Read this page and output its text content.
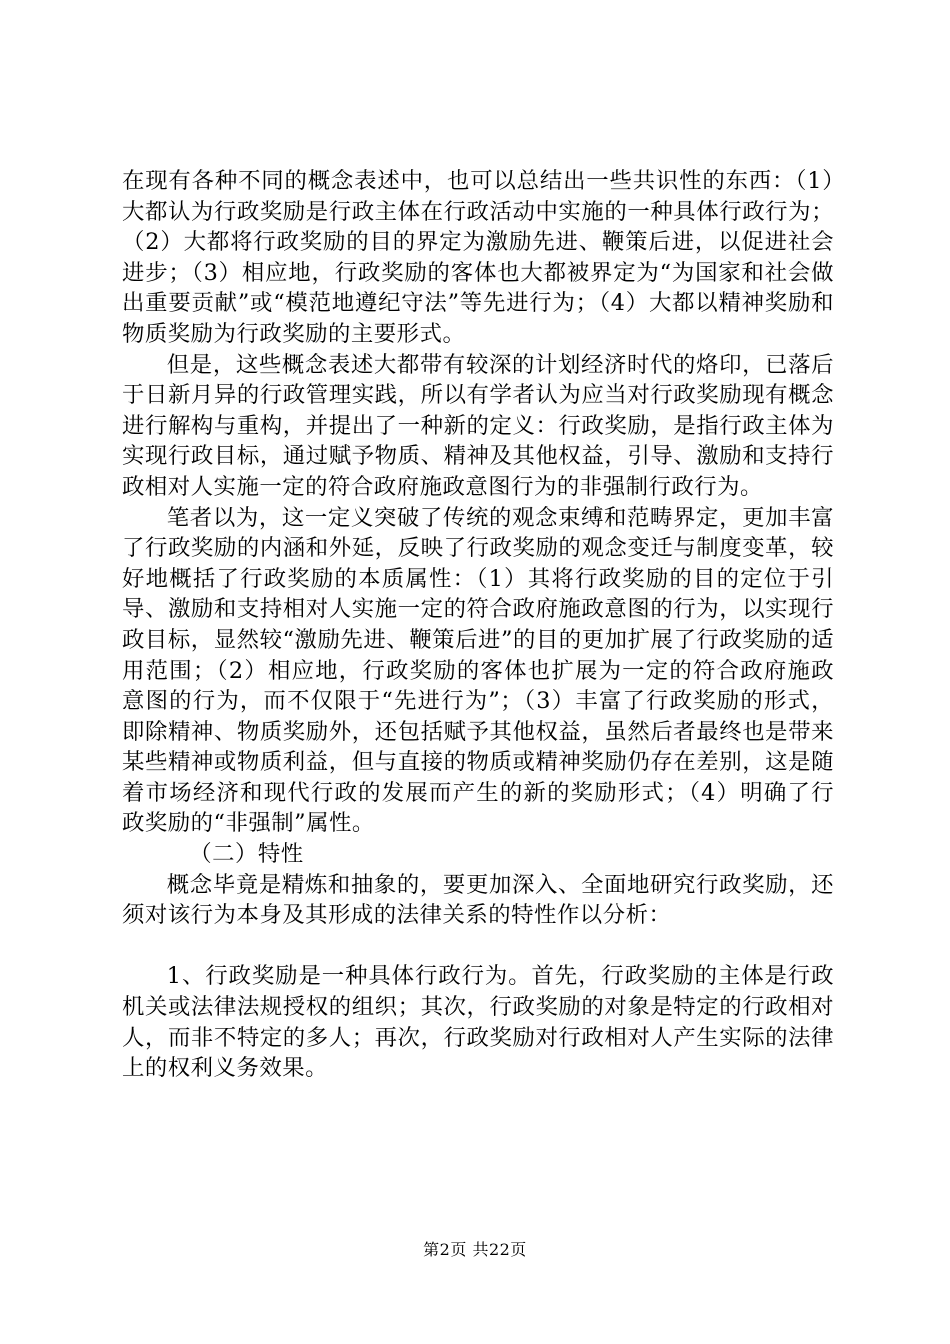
在现有各种不同的概念表述中，也可以总结出一些共识性的东西：（1）大都认为行政奖励是行政主体在行政活动中实施的一种具体行政行为；（2）大都将行政奖励的目的界定为激励先进、鞭策后进，以促进社会进步；（3）相应地，行政奖励的客体也大都被界定为“为国家和社会做出重要贡献”或“模范地遵纪守法”等先进行为；（4）大都以精神奖励和物质奖励为行政奖励的主要形式。

但是，这些概念表述大都带有较深的计划经济时代的烙印，已落后于日新月异的行政管理实践，所以有学者认为应当对行政奖励现有概念进行解构与重构，并提出了一种新的定义：行政奖励，是指行政主体为实现行政目标，通过赋予物质、精神及其他权益，引导、激励和支持行政相对人实施一定的符合政府施政意图行为的非强制行政行为。

笔者以为，这一定义突破了传统的观念束缚和范畴界定，更加丰富了行政奖励的内涵和外延，反映了行政奖励的观念变迁与制度变革，较好地概括了行政奖励的本质属性：（1）其将行政奖励的目的定位于引导、激励和支持相对人实施一定的符合政府施政意图的行为，以实现行政目标，显然较“激励先进、鞭策后进”的目的更加扩展了行政奖励的适用范围；（2）相应地，行政奖励的客体也扩展为一定的符合政府施政意图的行为，而不仅限于“先进行为”；（3）丰富了行政奖励的形式，即除精神、物质奖励外，还包括赋予其他权益，虽然后者最终也是带来某些精神或物质利益，但与直接的物质或精神奖励仍存在差别，这是随着市场经济和现代行政的发展而产生的新的奖励形式；（4）明确了行政奖励的“非强制”属性。

（二）特性

概念毕竟是精炼和抽象的，要更加深入、全面地研究行政奖励，还须对该行为本身及其形成的法律关系的特性作以分析：

1、行政奖励是一种具体行政行为。首先，行政奖励的主体是行政机关或法律法规授权的组织；其次，行政奖励的对象是特定的行政相对人，而非不特定的多人；再次，行政奖励对行政相对人产生实际的法律上的权利义务效果。

第2页 共22页
